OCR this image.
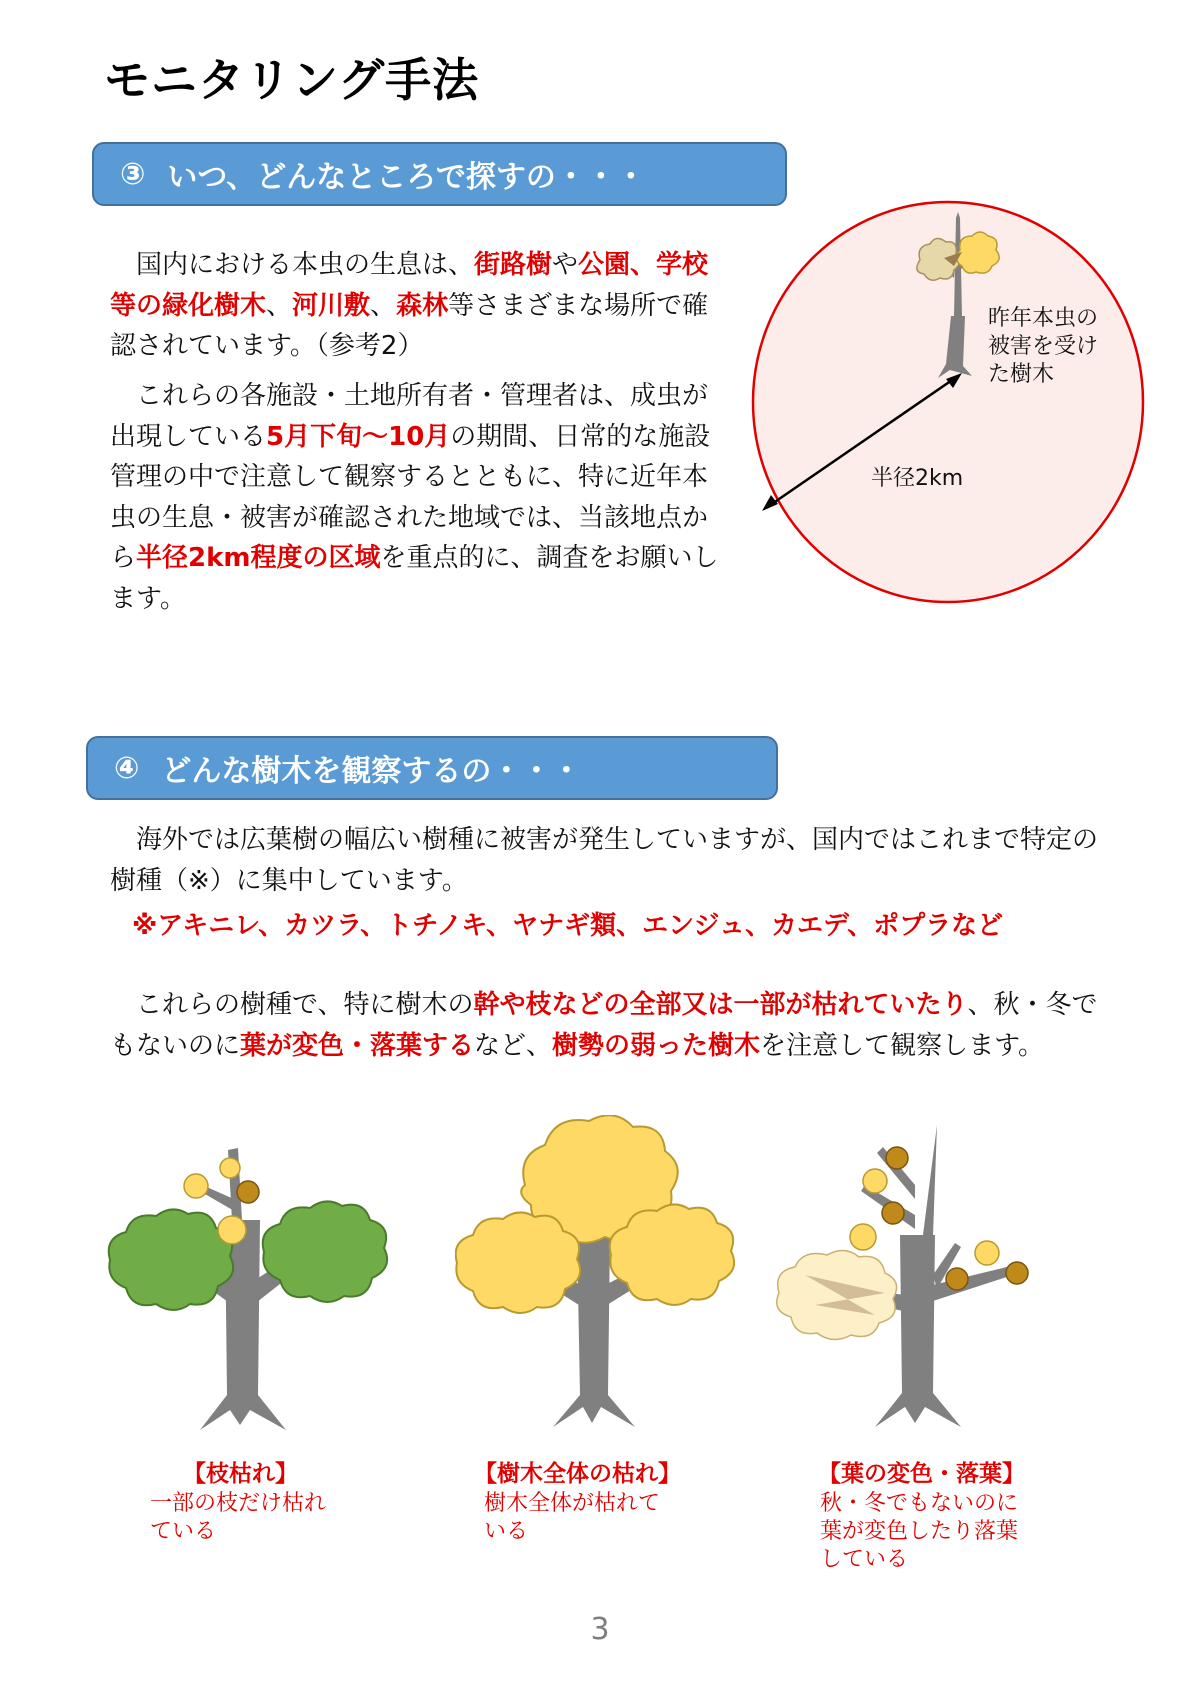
モニタリング手法
③ いつ、どんなところで探すの・・・

国内における本虫の生息は、街路樹や公園、学校等の緑化樹木、河川敷、森林等さまざまな場所で確認されています。（参考2）

これらの各施設・土地所有者・管理者は、成虫が出現している5月下旬～10月の期間、日常的な施設管理の中で注意して観察するとともに、特に近年本虫の生息・被害が確認された地域では、当該地点から半径2km程度の区域を重点的に、調査をお願いします。

昨年本虫の
被害を受け
た樹木
半径2km
④ どんな樹木を観察するの・・・

海外では広葉樹の幅広い樹種に被害が発生していますが、国内ではこれまで特定の樹種（※）に集中しています。

※アキニレ、カツラ、トチノキ、ヤナギ類、エンジュ、カエデ、ポプラなど

これらの樹種で、特に樹木の幹や枝などの全部又は一部が枯れていたり、秋・冬でもないのに葉が変色・落葉するなど、樹勢の弱った樹木を注意して観察します。

【枝枯れ】

一部の枝だけ枯れ

ている

【樹木全体の枯れ】

樹木全体が枯れて

いる

【葉の変色・落葉】

秋・冬でもないのに

葉が変色したり落葉

している

3
